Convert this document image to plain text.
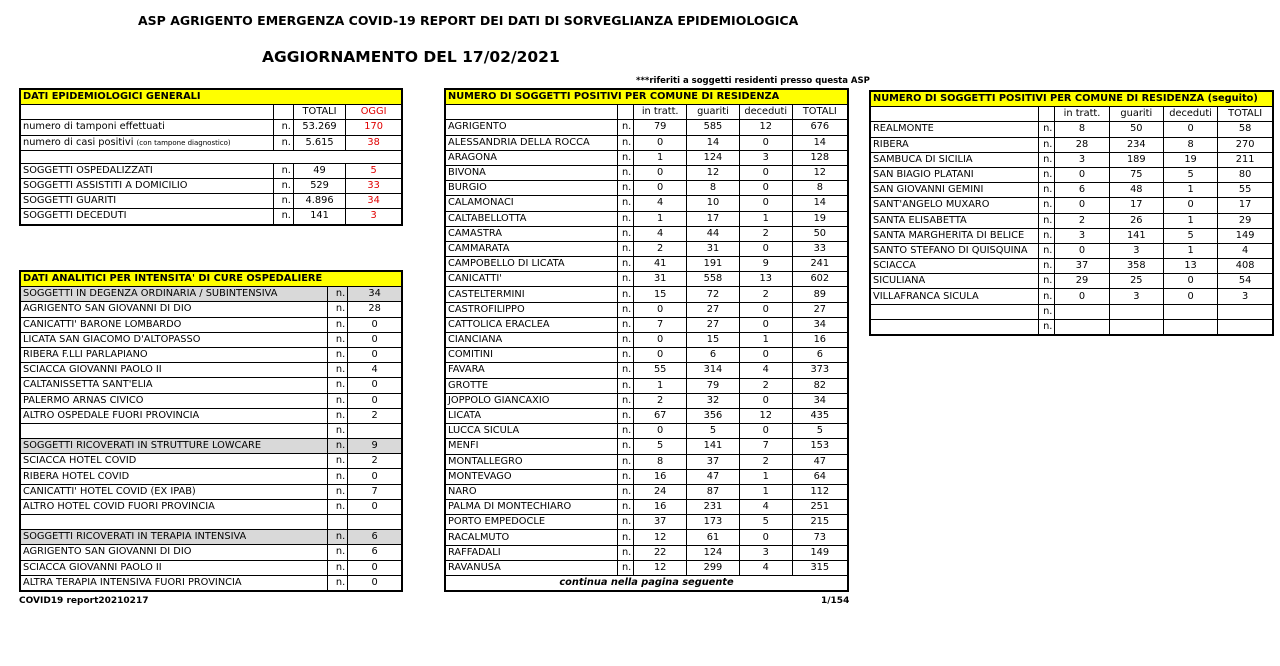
ASP AGRIGENTO EMERGENZA COVID-19 REPORT DEI DATI DI SORVEGLIANZA EPIDEMIOLOGICA
AGGIORNAMENTO DEL 17/02/2021
***riferiti a soggetti residenti presso questa ASP
DATI EPIDEMIOLOGICI GENERALI			
		TOTALI	OGGI
numero di tamponi effettuati	n.	53.269	170
numero di casi positivi (con tampone diagnostico)	n.	5.615	38

SOGGETTI OSPEDALIZZATI	n.	49	5
SOGGETTI ASSISTITI A DOMICILIO	n.	529	33
SOGGETTI GUARITI	n.	4.896	34
SOGGETTI DECEDUTI	n.	141	3
DATI ANALITICI PER INTENSITA' DI CURE OSPEDALIERE		
SOGGETTI IN DEGENZA ORDINARIA / SUBINTENSIVA	n.	34
AGRIGENTO SAN GIOVANNI DI DIO	n.	28
CANICATTI' BARONE LOMBARDO	n.	0
LICATA SAN GIACOMO D'ALTOPASSO	n.	0
RIBERA F.LLI PARLAPIANO	n.	0
SCIACCA GIOVANNI PAOLO II	n.	4
CALTANISSETTA SANT'ELIA	n.	0
PALERMO ARNAS CIVICO	n.	0
ALTRO OSPEDALE FUORI PROVINCIA	n.	2
	n.	
SOGGETTI RICOVERATI IN STRUTTURE LOWCARE	n.	9
SCIACCA HOTEL COVID	n.	2
RIBERA HOTEL COVID	n.	0
CANICATTI' HOTEL COVID (EX IPAB)	n.	7
ALTRO HOTEL COVID FUORI PROVINCIA	n.	0

SOGGETTI RICOVERATI IN TERAPIA INTENSIVA	n.	6
AGRIGENTO SAN GIOVANNI DI DIO	n.	6
SCIACCA GIOVANNI PAOLO II	n.	0
ALTRA TERAPIA INTENSIVA FUORI PROVINCIA	n.	0
NUMERO DI SOGGETTI POSITIVI PER COMUNE DI RESIDENZA					
		in tratt.	guariti	deceduti	TOTALI
AGRIGENTO	n.	79	585	12	676
ALESSANDRIA DELLA ROCCA	n.	0	14	0	14
ARAGONA	n.	1	124	3	128
BIVONA	n.	0	12	0	12
BURGIO	n.	0	8	0	8
CALAMONACI	n.	4	10	0	14
CALTABELLOTTA	n.	1	17	1	19
CAMASTRA	n.	4	44	2	50
CAMMARATA	n.	2	31	0	33
CAMPOBELLO DI LICATA	n.	41	191	9	241
CANICATTI'	n.	31	558	13	602
CASTELTERMINI	n.	15	72	2	89
CASTROFILIPPO	n.	0	27	0	27
CATTOLICA ERACLEA	n.	7	27	0	34
CIANCIANA	n.	0	15	1	16
COMITINI	n.	0	6	0	6
FAVARA	n.	55	314	4	373
GROTTE	n.	1	79	2	82
JOPPOLO GIANCAXIO	n.	2	32	0	34
LICATA	n.	67	356	12	435
LUCCA SICULA	n.	0	5	0	5
MENFI	n.	5	141	7	153
MONTALLEGRO	n.	8	37	2	47
MONTEVAGO	n.	16	47	1	64
NARO	n.	24	87	1	112
PALMA DI MONTECHIARO	n.	16	231	4	251
PORTO EMPEDOCLE	n.	37	173	5	215
RACALMUTO	n.	12	61	0	73
RAFFADALI	n.	22	124	3	149
RAVANUSA	n.	12	299	4	315
continua nella pagina seguente					
NUMERO DI SOGGETTI POSITIVI PER COMUNE DI RESIDENZA (seguito)					
		in tratt.	guariti	deceduti	TOTALI
REALMONTE	n.	8	50	0	58
RIBERA	n.	28	234	8	270
SAMBUCA DI SICILIA	n.	3	189	19	211
SAN BIAGIO PLATANI	n.	0	75	5	80
SAN GIOVANNI GEMINI	n.	6	48	1	55
SANT'ANGELO MUXARO	n.	0	17	0	17
SANTA ELISABETTA	n.	2	26	1	29
SANTA MARGHERITA DI BELICE	n.	3	141	5	149
SANTO STEFANO DI QUISQUINA	n.	0	3	1	4
SCIACCA	n.	37	358	13	408
SICULIANA	n.	29	25	0	54
VILLAFRANCA SICULA	n.	0	3	0	3
	n.				
	n.				
COVID19 report20210217	1/154
